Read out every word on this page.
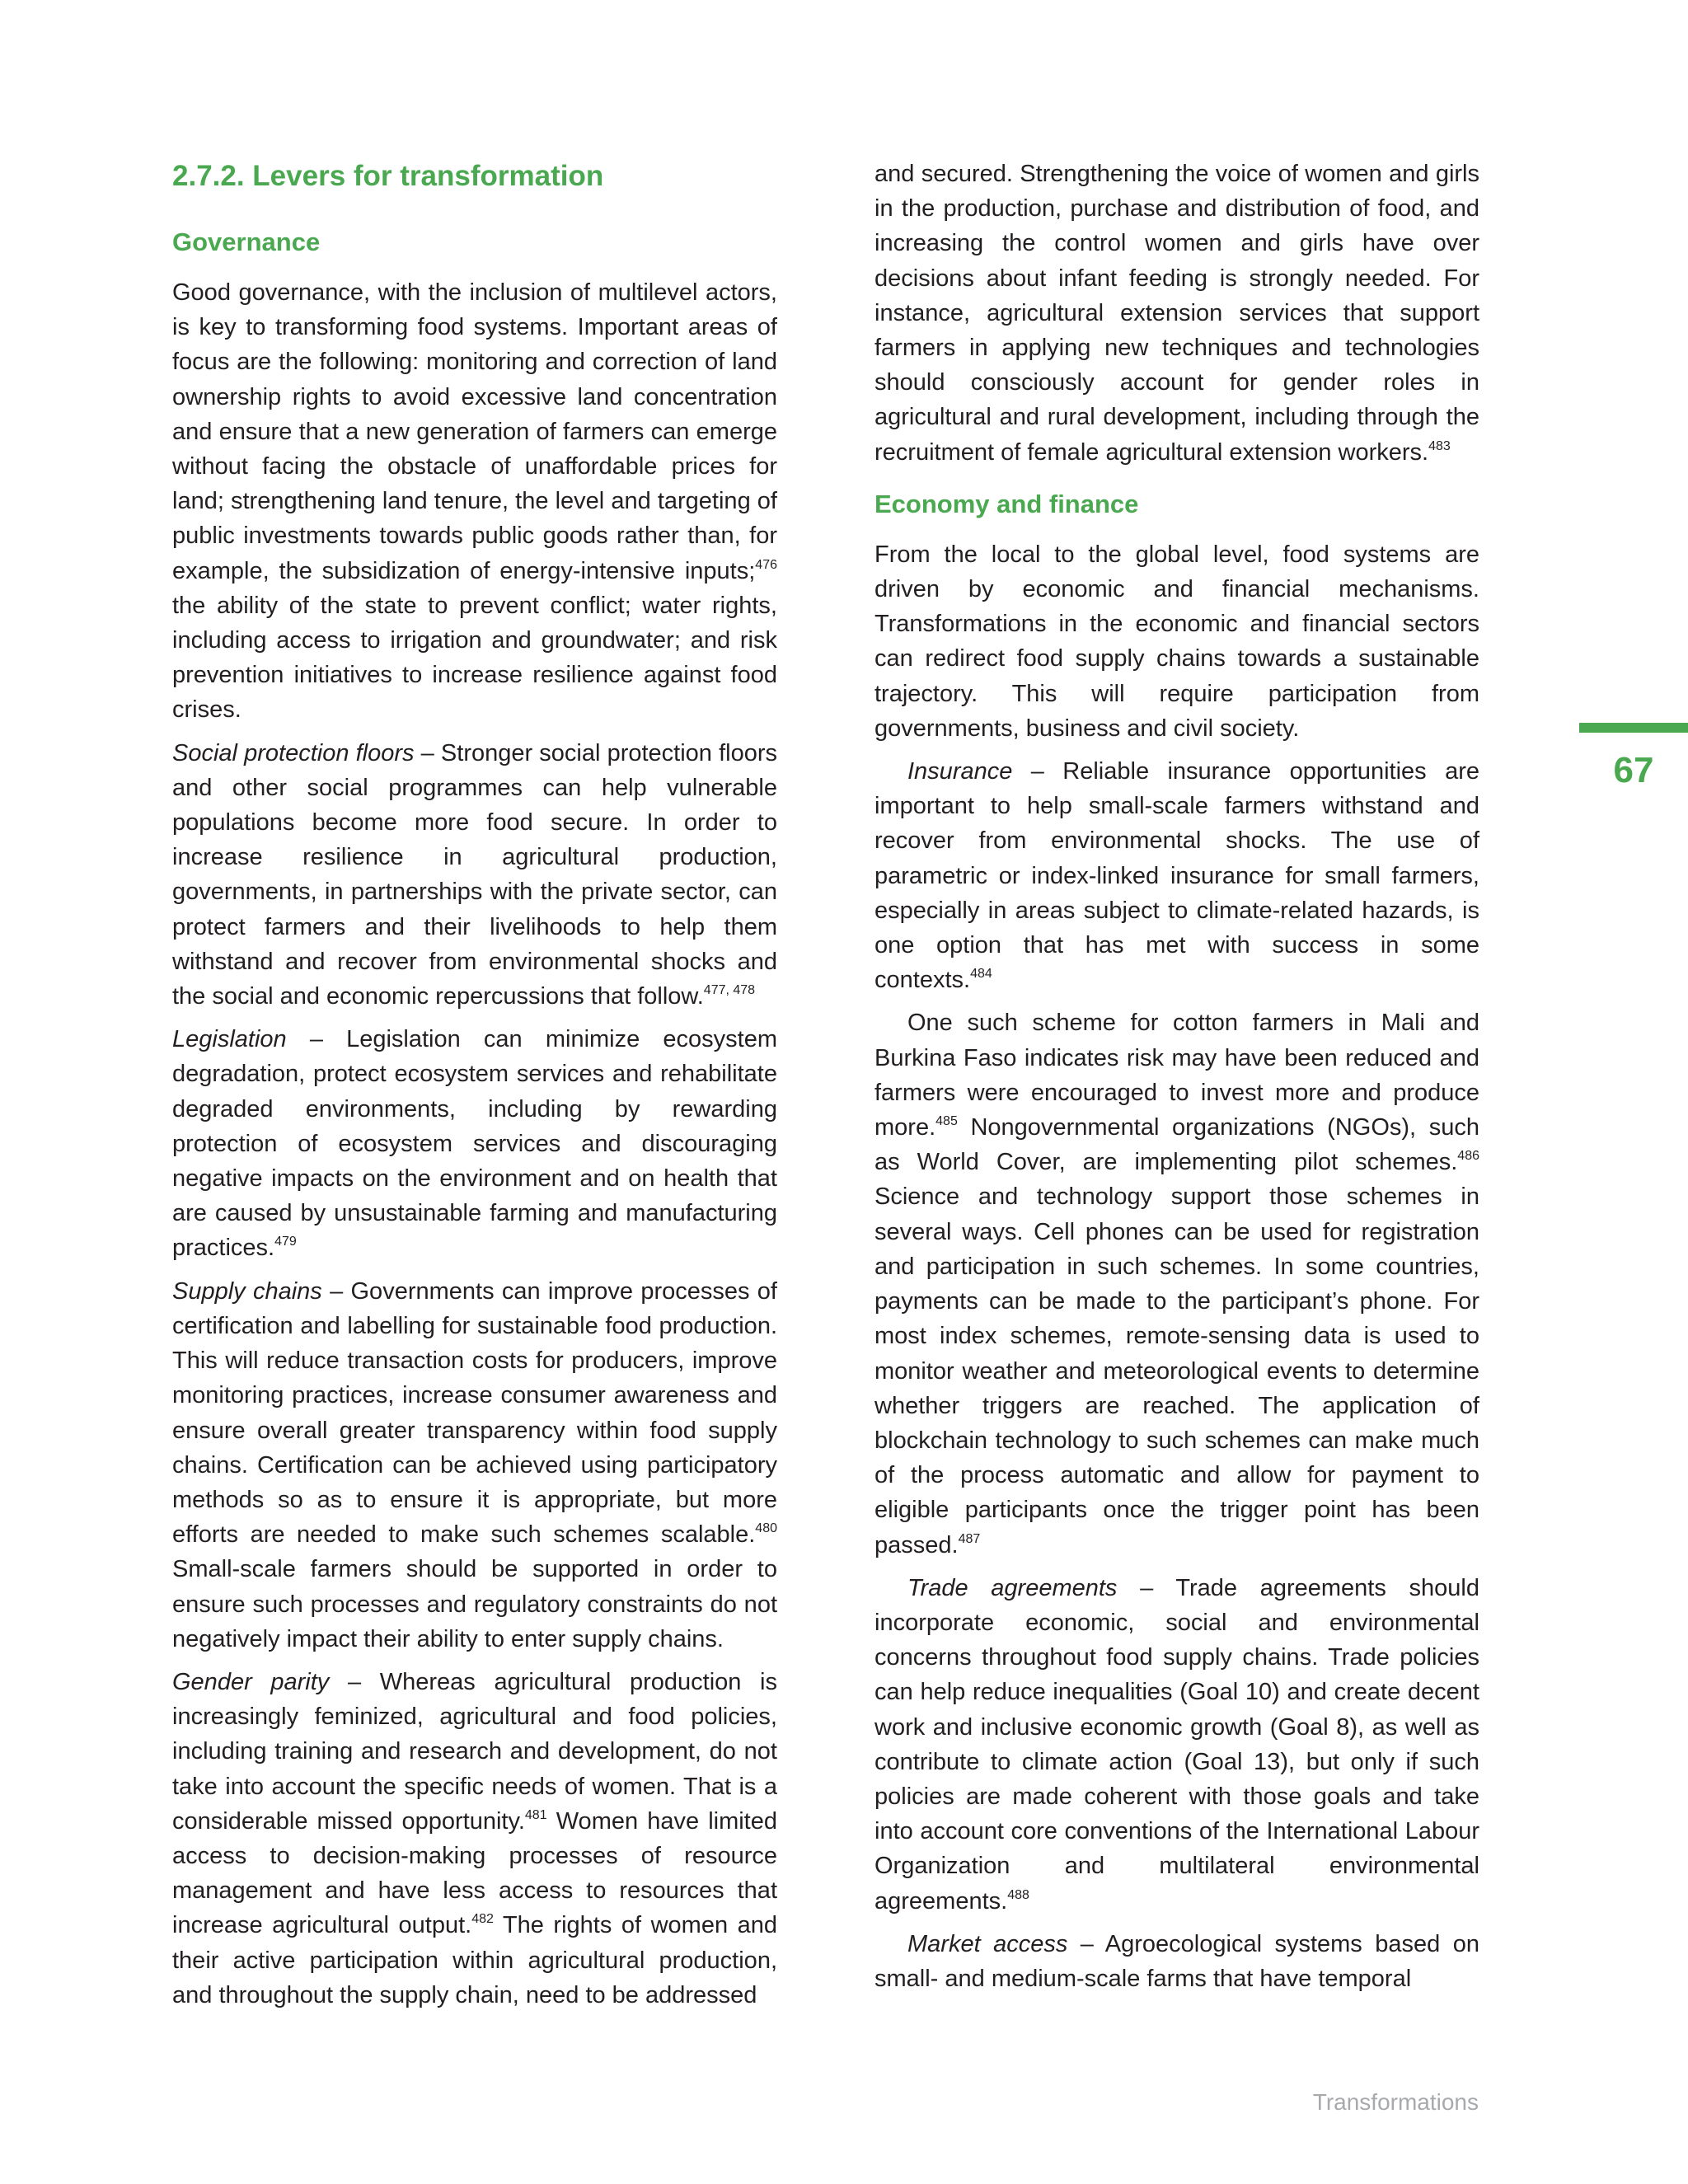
2.7.2. Levers for transformation
Governance

Good governance, with the inclusion of multilevel actors, is key to transforming food systems. Important areas of focus are the following: monitoring and correction of land ownership rights to avoid excessive land concentration and ensure that a new generation of farmers can emerge without facing the obstacle of unaffordable prices for land; strengthening land tenure, the level and targeting of public investments towards public goods rather than, for example, the subsidization of energy-intensive inputs;$^{476}$ the ability of the state to prevent conflict; water rights, including access to irrigation and groundwater; and risk prevention initiatives to increase resilience against food crises.

Social protection floors – Stronger social protection floors and other social programmes can help vulnerable populations become more food secure. In order to increase resilience in agricultural production, governments, in partnerships with the private sector, can protect farmers and their livelihoods to help them withstand and recover from environmental shocks and the social and economic repercussions that follow.$^{477, 478}$

Legislation – Legislation can minimize ecosystem degradation, protect ecosystem services and rehabilitate degraded environments, including by rewarding protection of ecosystem services and discouraging negative impacts on the environment and on health that are caused by unsustainable farming and manufacturing practices.$^{479}$

Supply chains – Governments can improve processes of certification and labelling for sustainable food production. This will reduce transaction costs for producers, improve monitoring practices, increase consumer awareness and ensure overall greater transparency within food supply chains. Certification can be achieved using participatory methods so as to ensure it is appropriate, but more efforts are needed to make such schemes scalable.$^{480}$ Small-scale farmers should be supported in order to ensure such processes and regulatory constraints do not negatively impact their ability to enter supply chains.

Gender parity – Whereas agricultural production is increasingly feminized, agricultural and food policies, including training and research and development, do not take into account the specific needs of women. That is a considerable missed opportunity.$^{481}$ Women have limited access to decision-making processes of resource management and have less access to resources that increase agricultural output.$^{482}$ The rights of women and their active participation within agricultural production, and throughout the supply chain, need to be addressed

and secured. Strengthening the voice of women and girls in the production, purchase and distribution of food, and increasing the control women and girls have over decisions about infant feeding is strongly needed. For instance, agricultural extension services that support farmers in applying new techniques and technologies should consciously account for gender roles in agricultural and rural development, including through the recruitment of female agricultural extension workers.$^{483}$

Economy and finance

From the local to the global level, food systems are driven by economic and financial mechanisms. Transformations in the economic and financial sectors can redirect food supply chains towards a sustainable trajectory. This will require participation from governments, business and civil society.

Insurance – Reliable insurance opportunities are important to help small-scale farmers withstand and recover from environmental shocks. The use of parametric or index-linked insurance for small farmers, especially in areas subject to climate-related hazards, is one option that has met with success in some contexts.$^{484}$

One such scheme for cotton farmers in Mali and Burkina Faso indicates risk may have been reduced and farmers were encouraged to invest more and produce more.$^{485}$ Nongovernmental organizations (NGOs), such as World Cover, are implementing pilot schemes.$^{486}$ Science and technology support those schemes in several ways. Cell phones can be used for registration and participation in such schemes. In some countries, payments can be made to the participant’s phone. For most index schemes, remote-sensing data is used to monitor weather and meteorological events to determine whether triggers are reached. The application of blockchain technology to such schemes can make much of the process automatic and allow for payment to eligible participants once the trigger point has been passed.$^{487}$

Trade agreements – Trade agreements should incorporate economic, social and environmental concerns throughout food supply chains. Trade policies can help reduce inequalities (Goal 10) and create decent work and inclusive economic growth (Goal 8), as well as contribute to climate action (Goal 13), but only if such policies are made coherent with those goals and take into account core conventions of the International Labour Organization and multilateral environmental agreements.$^{488}$

Market access – Agroecological systems based on small- and medium-scale farms that have temporal

67
Transformations
